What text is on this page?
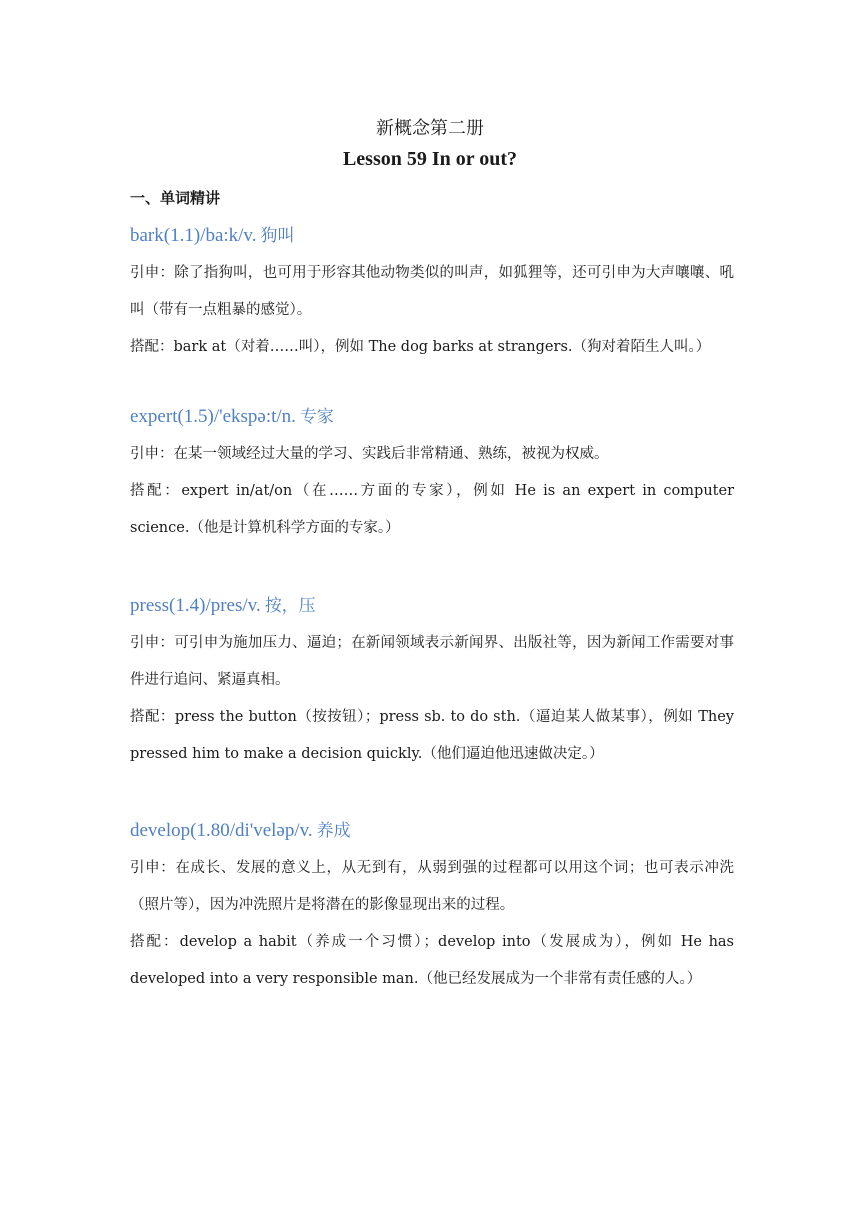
新概念第二册
Lesson 59 In or out?
一、单词精讲
bark(1.1)/ba:k/v. 狗叫
引申：除了指狗叫，也可用于形容其他动物类似的叫声，如狐狸等，还可引申为大声嚷嚷、吼叫（带有一点粗暴的感觉）。
搭配：bark at（对着……叫），例如 The dog barks at strangers.（狗对着陌生人叫。）
expert(1.5)/'ekspə:t/n. 专家
引申：在某一领域经过大量的学习、实践后非常精通、熟练，被视为权威。
搭配：expert in/at/on（在……方面的专家），例如 He is an expert in computer science.（他是计算机科学方面的专家。）
press(1.4)/pres/v. 按，压
引申：可引申为施加压力、逼迫；在新闻领域表示新闻界、出版社等，因为新闻工作需要对事件进行追问、紧逼真相。
搭配：press the button（按按钮）；press sb. to do sth.（逼迫某人做某事），例如 They pressed him to make a decision quickly.（他们逼迫他迅速做决定。）
develop(1.80/di'veləp/v. 养成
引申：在成长、发展的意义上，从无到有，从弱到强的过程都可以用这个词；也可表示冲洗（照片等），因为冲洗照片是将潜在的影像显现出来的过程。
搭配：develop a habit（养成一个习惯）；develop into（发展成为），例如 He has developed into a very responsible man.（他已经发展成为一个非常有责任感的人。）
